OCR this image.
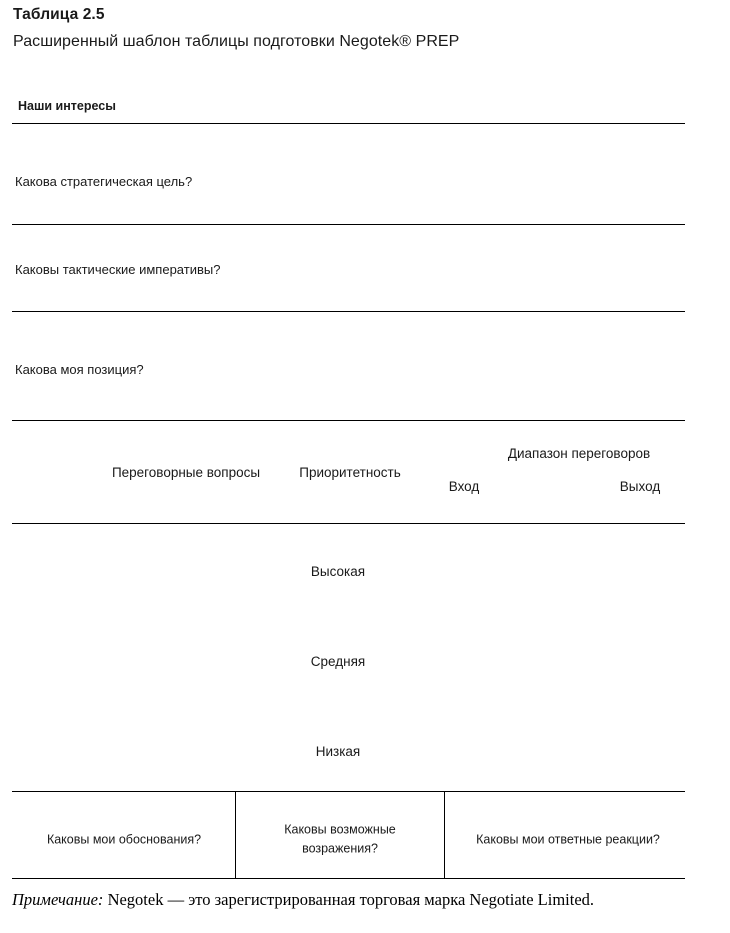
Таблица 2.5
Расширенный шаблон таблицы подготовки Negotek® PREP
Наши интересы
Какова стратегическая цель?
Каковы тактические императивы?
Какова моя позиция?
Переговорные вопросы	Приоритетность
Диапазон переговоров
Вход	Выход
Высокая
Средняя
Низкая
Каковы мои обоснования?
Каковы возможные возражения?
Каковы мои ответные реакции?
Примечание: Negotek — это зарегистрированная торговая марка Negotiate Limited.
